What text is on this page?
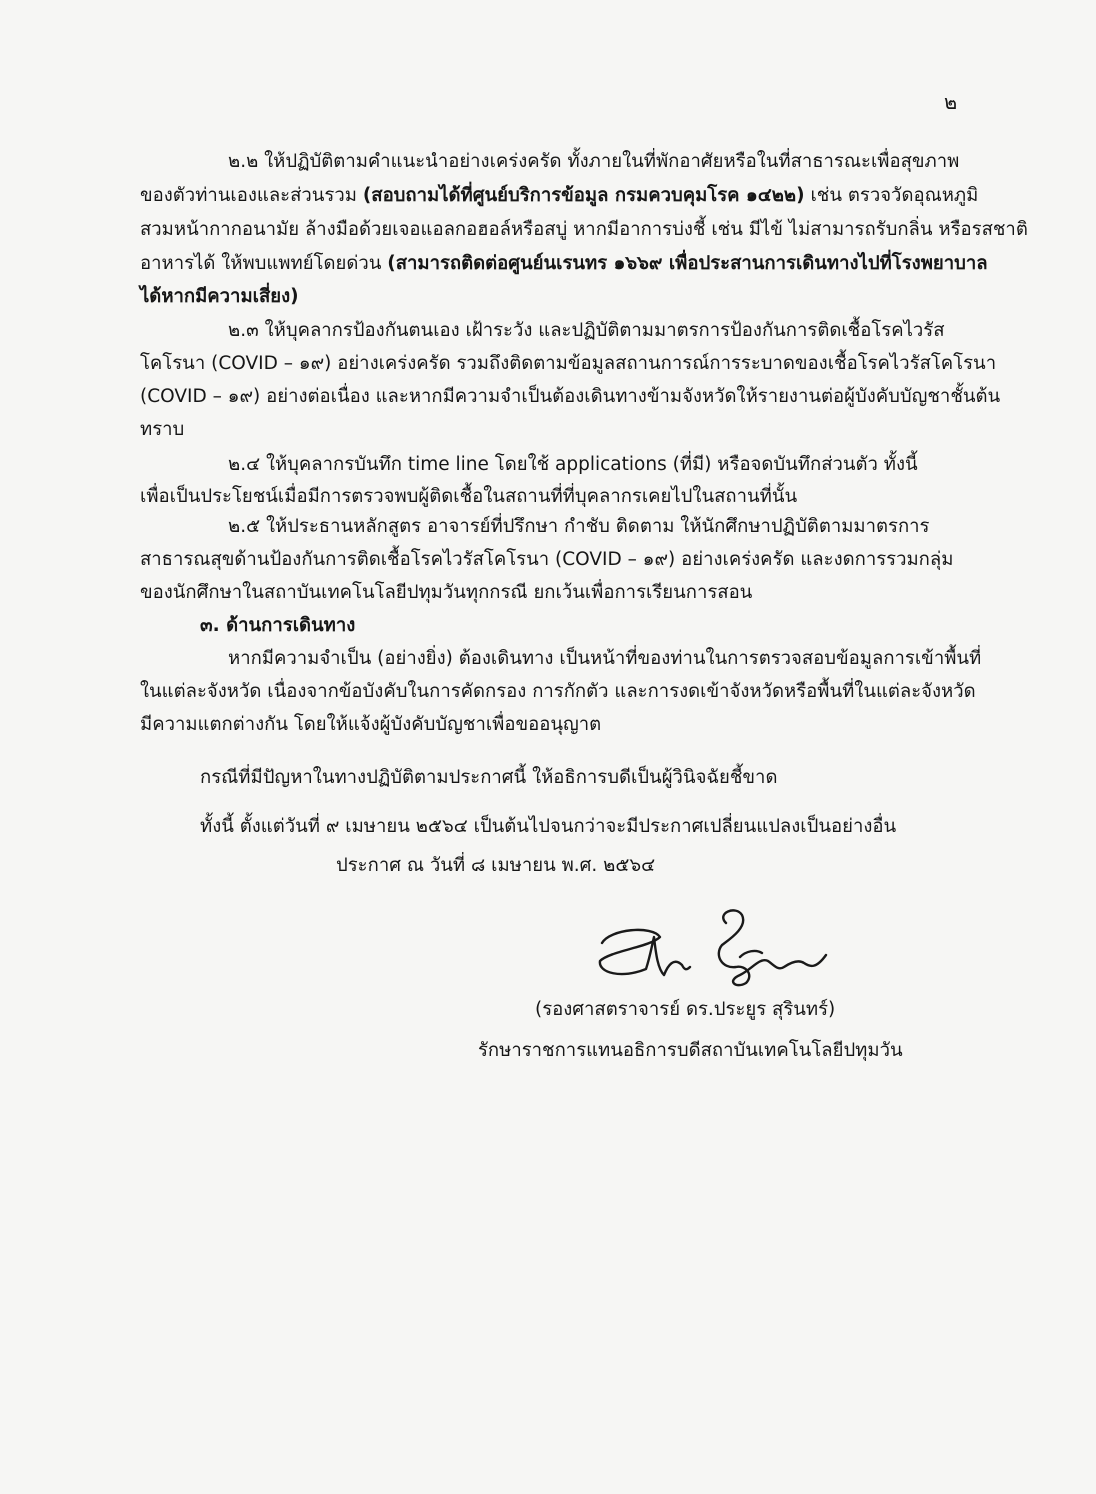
๒

๒.๒ ให้ปฏิบัติตามคำแนะนำอย่างเคร่งครัด ทั้งภายในที่พักอาศัยหรือในที่สาธารณะเพื่อสุขภาพ

ของตัวท่านเองและส่วนรวม (สอบถามได้ที่ศูนย์บริการข้อมูล กรมควบคุมโรค ๑๔๒๒) เช่น ตรวจวัดอุณหภูมิ

สวมหน้ากากอนามัย ล้างมือด้วยเจอแอลกอฮอล์หรือสบู่ หากมีอาการบ่งชี้ เช่น มีไข้ ไม่สามารถรับกลิ่น หรือรสชาติ

อาหารได้ ให้พบแพทย์โดยด่วน (สามารถติดต่อศูนย์นเรนทร ๑๖๖๙ เพื่อประสานการเดินทางไปที่โรงพยาบาล

ได้หากมีความเสี่ยง)

๒.๓ ให้บุคลากรป้องกันตนเอง เฝ้าระวัง และปฏิบัติตามมาตรการป้องกันการติดเชื้อโรคไวรัส

โคโรนา (COVID – ๑๙) อย่างเคร่งครัด รวมถึงติดตามข้อมูลสถานการณ์การระบาดของเชื้อโรคไวรัสโคโรนา

(COVID – ๑๙) อย่างต่อเนื่อง และหากมีความจำเป็นต้องเดินทางข้ามจังหวัดให้รายงานต่อผู้บังคับบัญชาชั้นต้น

ทราบ

๒.๔ ให้บุคลากรบันทึก time line โดยใช้ applications (ที่มี) หรือจดบันทึกส่วนตัว ทั้งนี้

เพื่อเป็นประโยชน์เมื่อมีการตรวจพบผู้ติดเชื้อในสถานที่ที่บุคลากรเคยไปในสถานที่นั้น

๒.๕ ให้ประธานหลักสูตร อาจารย์ที่ปรึกษา กำชับ ติดตาม ให้นักศึกษาปฏิบัติตามมาตรการ

สาธารณสุขด้านป้องกันการติดเชื้อโรคไวรัสโคโรนา (COVID – ๑๙) อย่างเคร่งครัด และงดการรวมกลุ่ม

ของนักศึกษาในสถาบันเทคโนโลยีปทุมวันทุกกรณี ยกเว้นเพื่อการเรียนการสอน

๓. ด้านการเดินทาง

หากมีความจำเป็น (อย่างยิ่ง) ต้องเดินทาง เป็นหน้าที่ของท่านในการตรวจสอบข้อมูลการเข้าพื้นที่

ในแต่ละจังหวัด เนื่องจากข้อบังคับในการคัดกรอง การกักตัว และการงดเข้าจังหวัดหรือพื้นที่ในแต่ละจังหวัด

มีความแตกต่างกัน โดยให้แจ้งผู้บังคับบัญชาเพื่อขออนุญาต

กรณีที่มีปัญหาในทางปฏิบัติตามประกาศนี้ ให้อธิการบดีเป็นผู้วินิจฉัยชี้ขาด

ทั้งนี้ ตั้งแต่วันที่ ๙ เมษายน ๒๕๖๔ เป็นต้นไปจนกว่าจะมีประกาศเปลี่ยนแปลงเป็นอย่างอื่น

ประกาศ ณ วันที่ ๘ เมษายน พ.ศ. ๒๕๖๔

(รองศาสตราจารย์ ดร.ประยูร สุรินทร์)
รักษาราชการแทนอธิการบดีสถาบันเทคโนโลยีปทุมวัน
